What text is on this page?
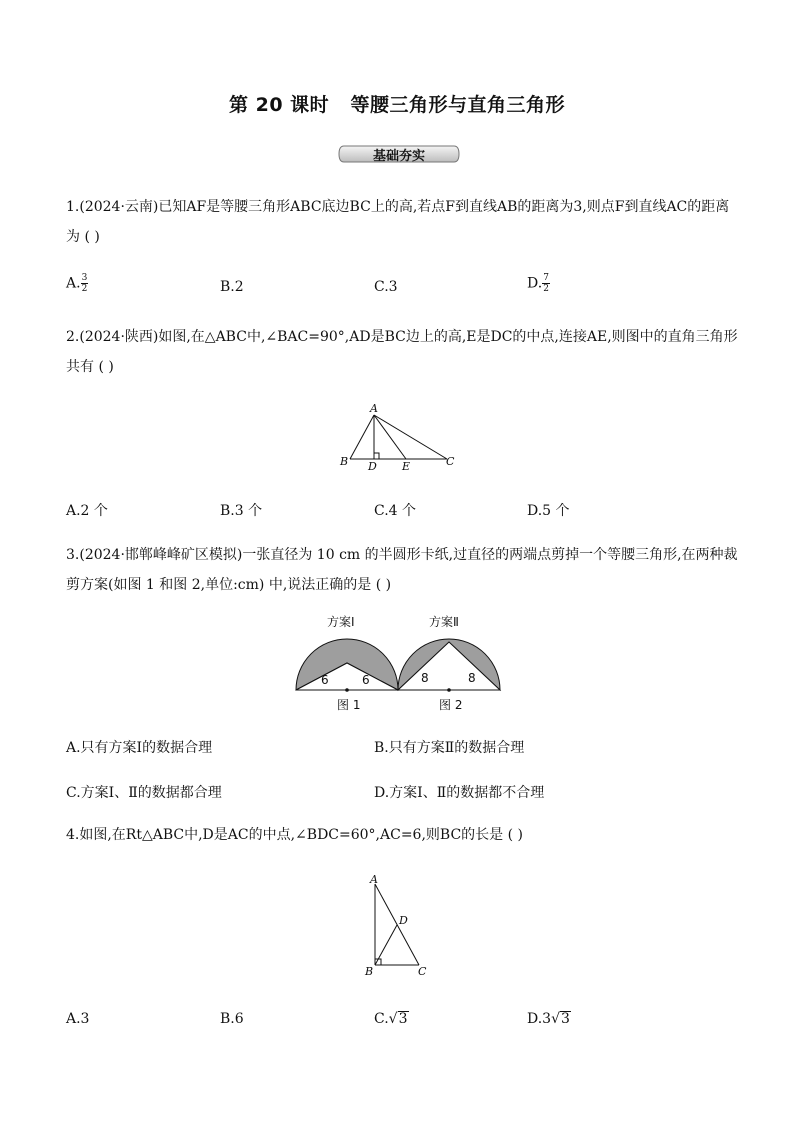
第 20 课时   等腰三角形与直角三角形
基础夯实
1.(2024·云南)已知AF是等腰三角形ABC底边BC上的高,若点F到直线AB的距离为3,则点F到直线AC的距离为 ( )
A. $\frac{3}{2}$	B.2	C.3	D. $\frac{7}{2}$
2.(2024·陕西)如图,在△ABC中,∠BAC=90°,AD是BC边上的高,E是DC的中点,连接AE,则图中的直角三角形共有 ( )
A
B	C
D E
A.2 个	B.3 个	C.4 个	D.5 个
3.(2024·邯郸峰峰矿区模拟)一张直径为 10 cm 的半圆形卡纸,过直径的两端点剪掉一个等腰三角形,在两种裁剪方案(如图 1 和图 2,单位:cm) 中,说法正确的是 ( )
方案Ⅰ	方案Ⅱ
6	6	8	8
图 1	图 2
A.只有方案Ⅰ的数据合理	B.只有方案Ⅱ的数据合理
C.方案Ⅰ、Ⅱ的数据都合理	D.方案Ⅰ、Ⅱ的数据都不合理
4.如图,在Rt△ABC中,D是AC的中点,∠BDC=60°,AC=6,则BC的长是 ( )
A
D
B	C
A.3	B.6	C.√3	D.3√3
